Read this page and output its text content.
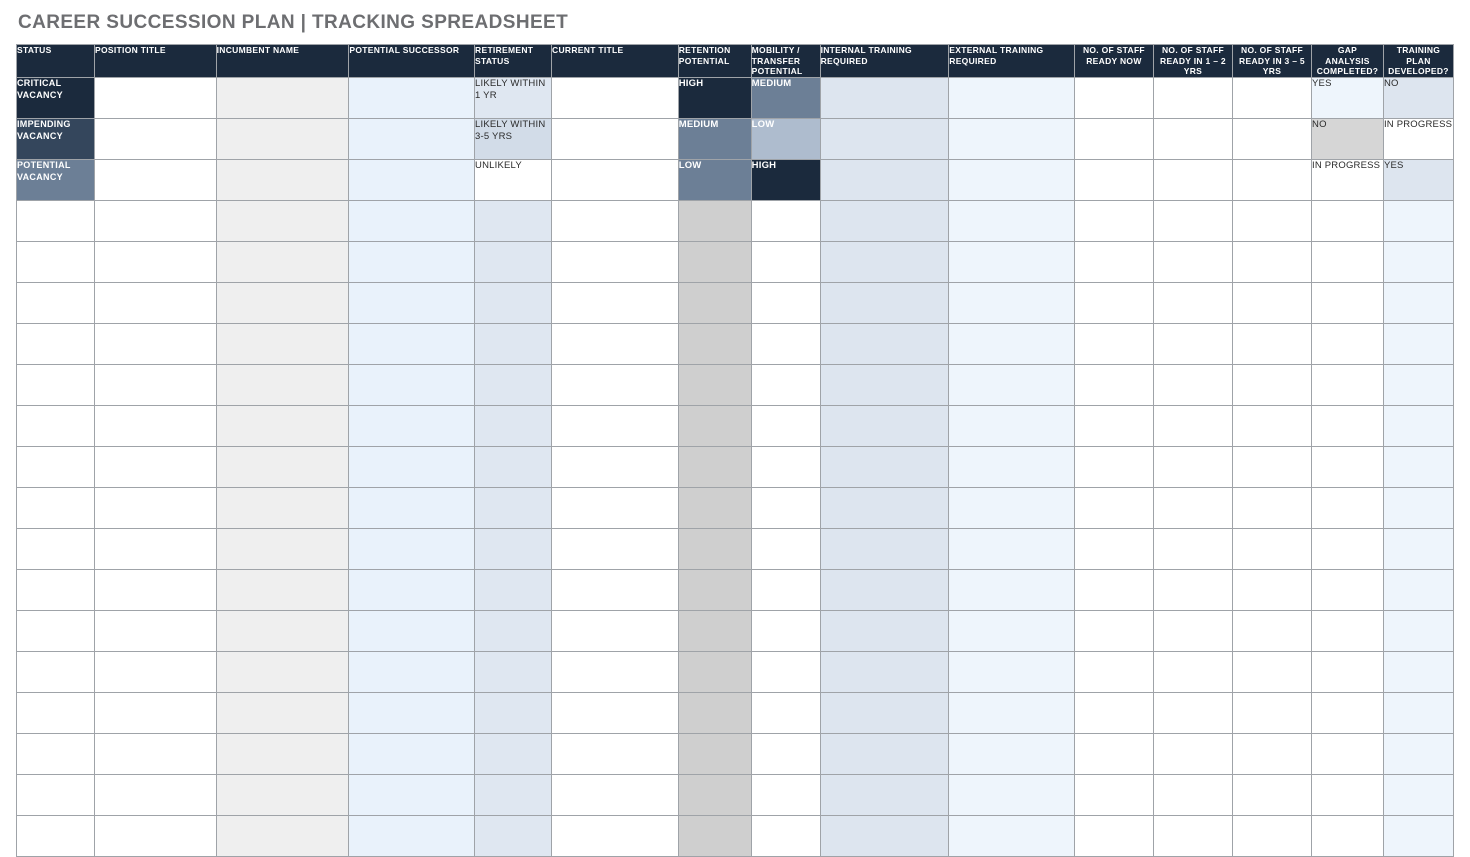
CAREER SUCCESSION PLAN | TRACKING SPREADSHEET
STATUS	POSITION TITLE	INCUMBENT NAME	POTENTIAL SUCCESSOR	RETIREMENT STATUS	CURRENT TITLE	RETENTION POTENTIAL	MOBILITY / TRANSFER POTENTIAL	INTERNAL TRAINING REQUIRED	EXTERNAL TRAINING REQUIRED	NO. OF STAFF READY NOW	NO. OF STAFF READY IN 1 – 2 YRS	NO. OF STAFF READY IN 3 – 5 YRS	GAP ANALYSIS COMPLETED?	TRAINING PLAN DEVELOPED?
CRITICAL VACANCY				LIKELY WITHIN 1 YR		HIGH	MEDIUM						YES	NO
IMPENDING VACANCY				LIKELY WITHIN 3-5 YRS		MEDIUM	LOW						NO	IN PROGRESS
POTENTIAL VACANCY				UNLIKELY		LOW	HIGH						IN PROGRESS	YES
